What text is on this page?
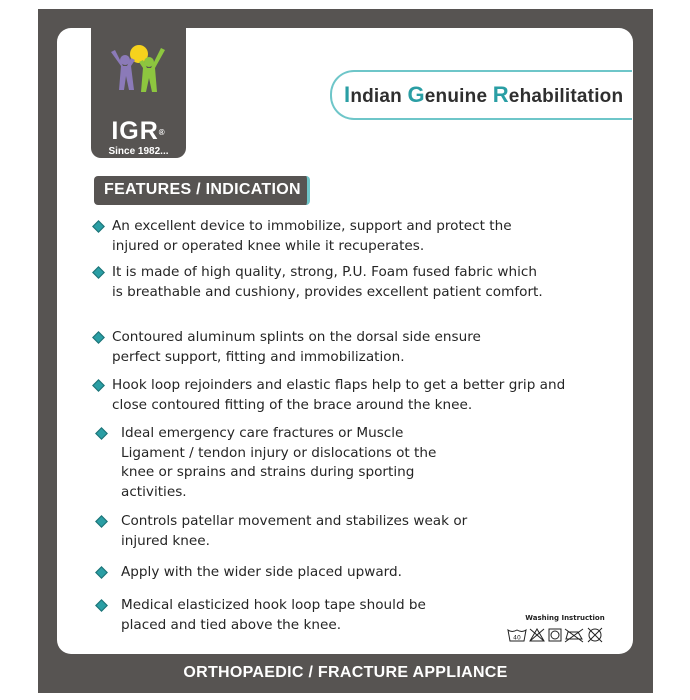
IGR®
Since 1982...
Indian Genuine Rehabilitation
FEATURES / INDICATION
An excellent device to immobilize, support and protect the injured or operated knee while it recuperates.
It is made of high quality, strong, P.U. Foam fused fabric which is breathable and cushiony, provides excellent patient comfort.
Contoured aluminum splints on the dorsal side ensure perfect support, fitting and immobilization.
Hook loop rejoinders and elastic flaps help to get a better grip and close contoured fitting of the brace around the knee.
Ideal emergency care fractures or Muscle Ligament / tendon injury or dislocations ot the knee or sprains and strains during sporting activities.
Controls patellar movement and stabilizes weak or injured knee.
Apply with the wider side placed upward.
Medical elasticized hook loop tape should be placed and tied above the knee.	Washing Instruction
40
ORTHOPAEDIC / FRACTURE APPLIANCE
